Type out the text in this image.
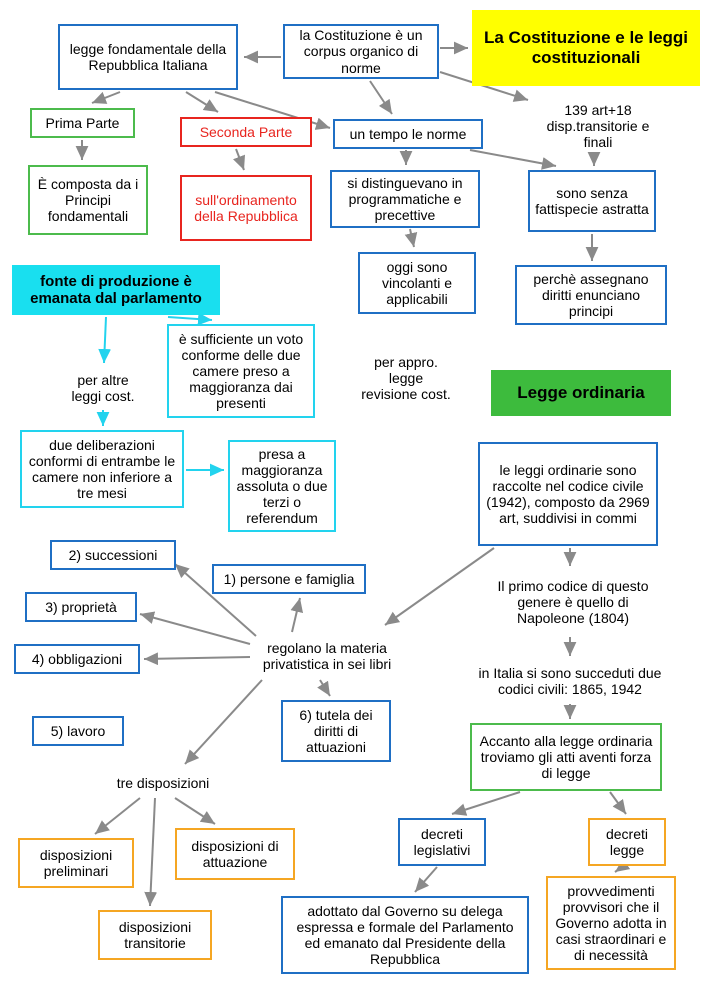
La Costituzione e le leggi costituzionali
legge fondamentale della Repubblica Italiana
la Costituzione è un corpus organico di norme
139 art+18 disp.transitorie e finali
Prima Parte
Seconda Parte	un tempo le norme
È composta da i Principi fondamentali
sull'ordinamento della Repubblica
si distinguevano in programmatiche e precettive
sono senza fattispecie astratta
oggi sono vincolanti e applicabili
perchè assegnano diritti enunciano principi
fonte di produzione è emanata dal parlamento
è sufficiente un voto conforme delle due camere preso a maggioranza dai presenti
per appro. legge revisione cost.
per altre leggi cost.	Legge ordinaria
due deliberazioni conformi di entrambe le camere non inferiore a tre mesi
presa a maggioranza assoluta o due terzi o referendum
le leggi ordinarie sono raccolte nel codice civile (1942), composto da 2969 art, suddivisi in commi
2) successioni
1) persone e famiglia	Il primo codice di questo genere è quello di Napoleone (1804)
3) proprietà
4) obbligazioni
regolano la materia privatistica in sei libri
in Italia si sono succeduti due codici civili: 1865, 1942
6) tutela dei diritti di attuazioni
5) lavoro
Accanto alla legge ordinaria troviamo gli atti aventi forza di legge
tre disposizioni
decreti legislativi
decreti legge
disposizioni preliminari
disposizioni di attuazione
provvedimenti provvisori che il Governo adotta in casi straordinari e di necessità
adottato dal Governo su delega espressa e formale del Parlamento ed emanato dal Presidente della Repubblica
disposizioni transitorie
